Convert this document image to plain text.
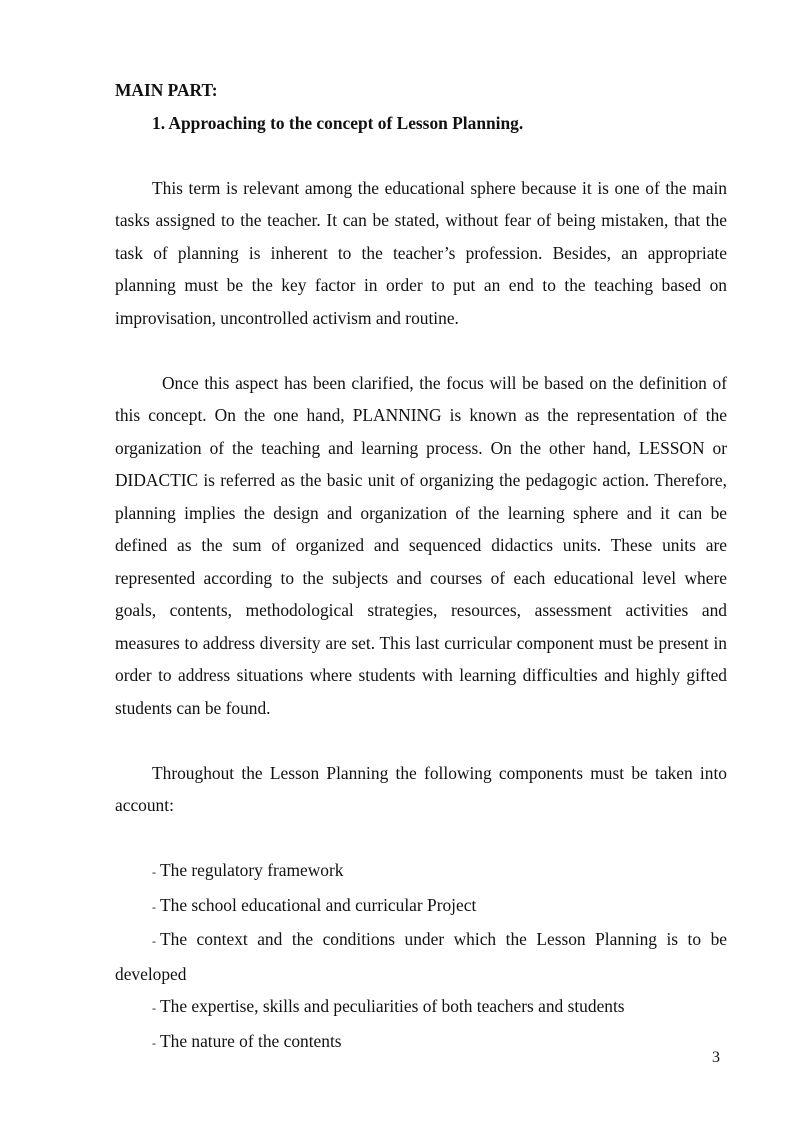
MAIN PART:

1. Approaching to the concept of Lesson Planning.

This term is relevant among the educational sphere because it is one of the main tasks assigned to the teacher. It can be stated, without fear of being mistaken, that the task of planning is inherent to the teacher’s profession. Besides, an appropriate planning must be the key factor in order to put an end to the teaching based on improvisation, uncontrolled activism and routine.

Once this aspect has been clarified, the focus will be based on the definition of this concept. On the one hand, PLANNING is known as the representation of the organization of the teaching and learning process. On the other hand, LESSON or DIDACTIC is referred as the basic unit of organizing the pedagogic action. Therefore, planning implies the design and organization of the learning sphere and it can be defined as the sum of organized and sequenced didactics units. These units are represented according to the subjects and courses of each educational level where goals, contents, methodological strategies, resources, assessment activities and measures to address diversity are set. This last curricular component must be present in order to address situations where students with learning difficulties and highly gifted students can be found.

Throughout the Lesson Planning the following components must be taken into account:

- The regulatory framework

- The school educational and curricular Project

- The context and the conditions under which the Lesson Planning is to be developed

- The expertise, skills and peculiarities of both teachers and students

- The nature of the contents

3
